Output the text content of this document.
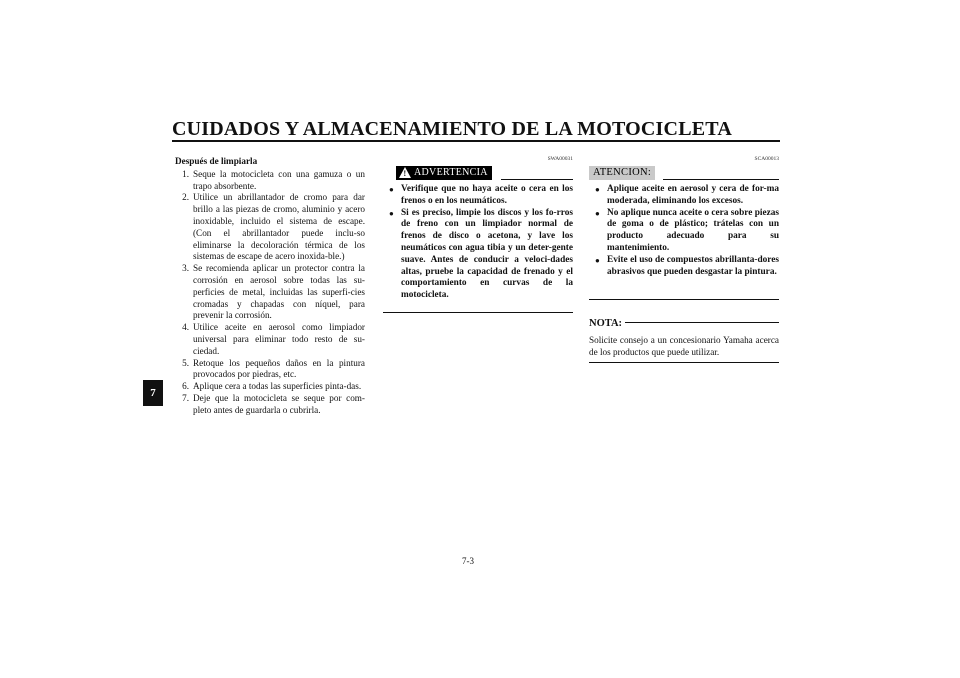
CUIDADOS Y ALMACENAMIENTO DE LA MOTOCICLETA
7
Después de limpiarla
1. Seque la motocicleta con una gamuza o un trapo absorbente.
2. Utilice un abrillantador de cromo para dar brillo a las piezas de cromo, aluminio y acero inoxidable, incluido el sistema de escape. (Con el abrillantador puede inclu-so eliminarse la decoloración térmica de los sistemas de escape de acero inoxida-ble.)
3. Se recomienda aplicar un protector contra la corrosión en aerosol sobre todas las su-perficies de metal, incluidas las superfi-cies cromadas y chapadas con níquel, para prevenir la corrosión.
4. Utilice aceite en aerosol como limpiador universal para eliminar todo resto de su-ciedad.
5. Retoque los pequeños daños en la pintura provocados por piedras, etc.
6. Aplique cera a todas las superficies pinta-das.
7. Deje que la motocicleta se seque por com-pleto antes de guardarla o cubrirla.
SWA00031
! ADVERTENCIA
● Verifique que no haya aceite o cera en los frenos o en los neumáticos.
● Si es preciso, limpie los discos y los fo-rros de freno con un limpiador normal de frenos de disco o acetona, y lave los neumáticos con agua tibia y un deter-gente suave. Antes de conducir a veloci-dades altas, pruebe la capacidad de frenado y el comportamiento en curvas de la motocicleta.
SCA00013
ATENCION:
● Aplique aceite en aerosol y cera de for-ma moderada, eliminando los excesos.
● No aplique nunca aceite o cera sobre piezas de goma o de plástico; trátelas con un producto adecuado para su mantenimiento.
● Evite el uso de compuestos abrillanta-dores abrasivos que pueden desgastar la pintura.
NOTA:
Solicite consejo a un concesionario Yamaha acerca de los productos que puede utilizar.
7-3
